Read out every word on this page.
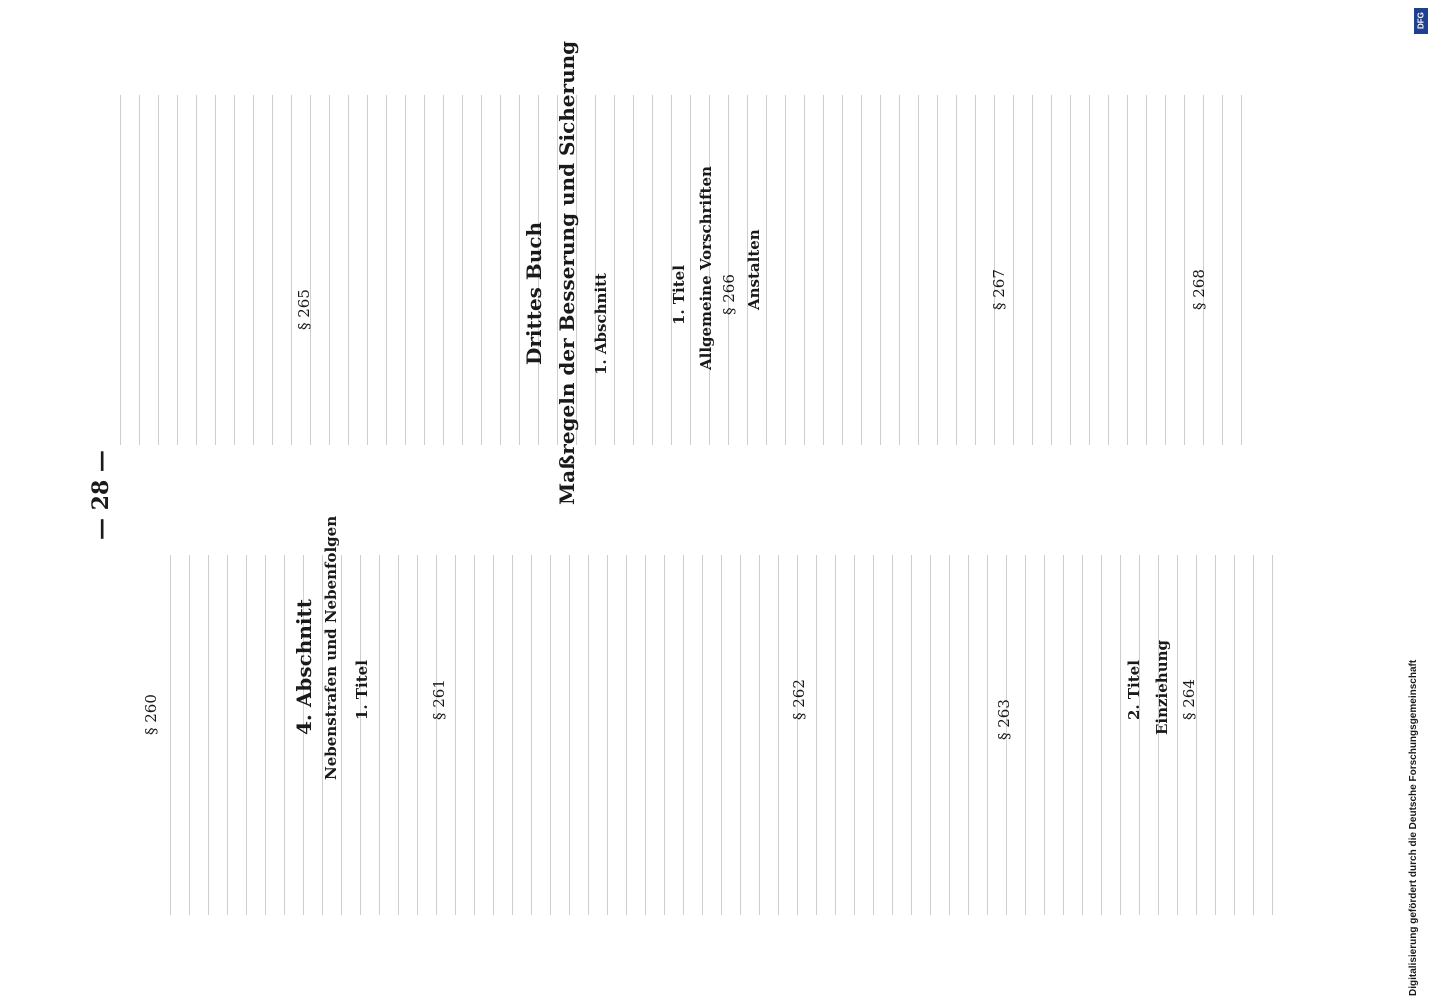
— 28 —
§ 260	4. Abschnitt Nebenstrafen und Nebenfolgen 1. Titel	§ 261	§ 262	§ 263	2. Titel Einziehung § 264
§ 265	Drittes Buch Maßregeln der Besserung und Sicherung 1. Abschnitt	1. Titel Allgemeine Vorschriften § 266 Anstalten	§ 267	§ 268
DFG
Digitalisierung gefördert durch die Deutsche Forschungsgemeinschaft
